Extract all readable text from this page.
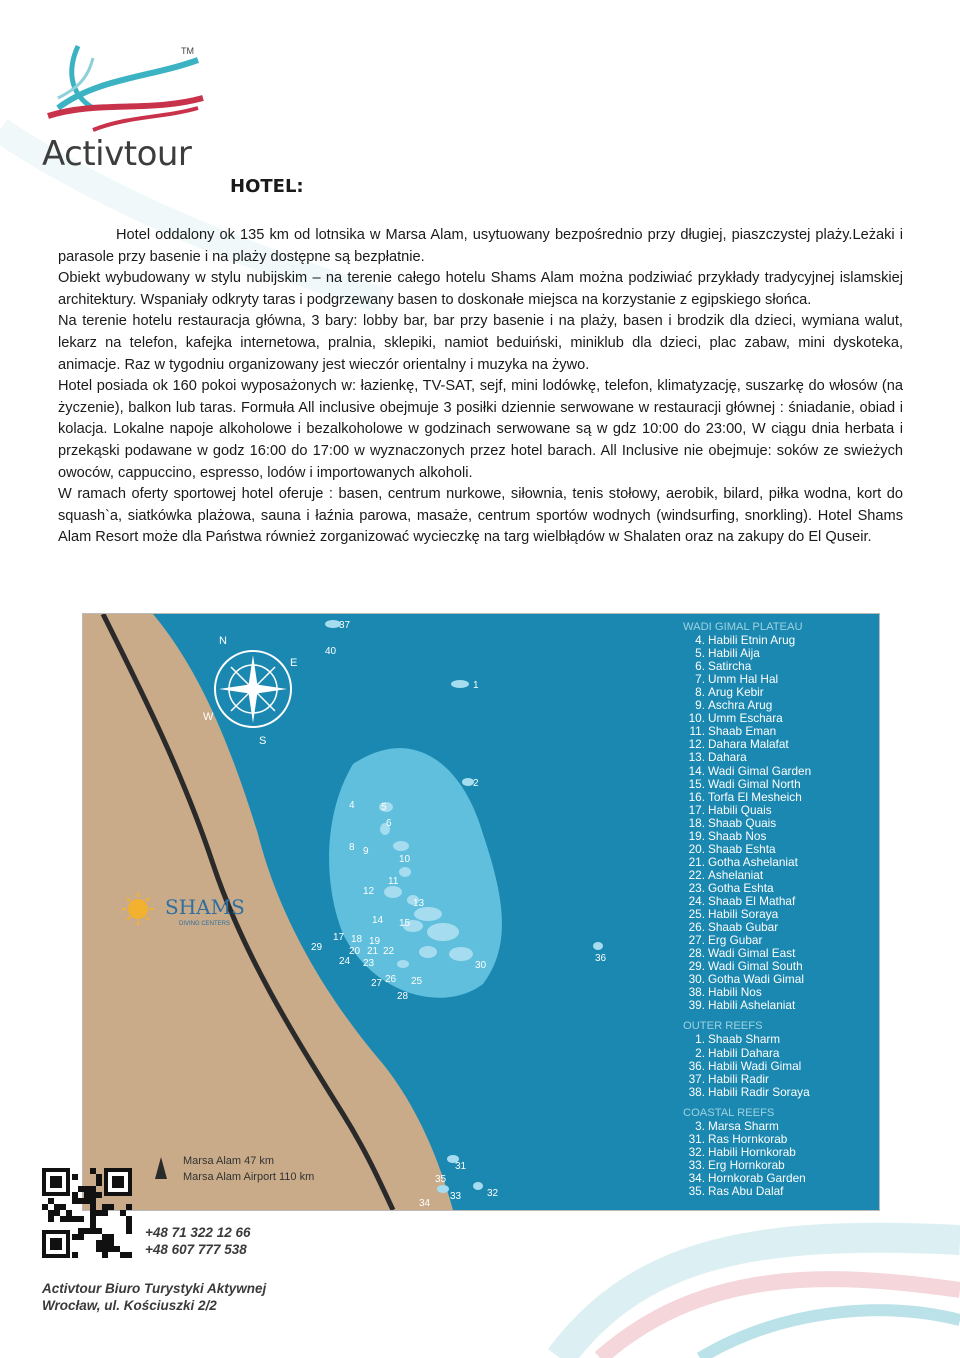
TM
Activtour
HOTEL:

Hotel oddalony ok 135 km od lotnsika w Marsa Alam, usytuowany bezpośrednio przy długiej, piaszczystej plaży.Leżaki i parasole przy basenie i na plaży dostępne są bezpłatnie.

Obiekt wybudowany w stylu nubijskim – na terenie całego hotelu Shams Alam można podziwiać przykłady tradycyjnej islamskiej architektury. Wspaniały odkryty taras i podgrzewany basen to doskonałe miejsca na korzystanie z egipskiego słońca.

Na terenie hotelu restauracja główna, 3 bary: lobby bar, bar przy basenie i na plaży, basen i brodzik dla dzieci, wymiana walut, lekarz na telefon, kafejka internetowa, pralnia, sklepiki, namiot beduiński, miniklub dla dzieci, plac zabaw, mini dyskoteka, animacje. Raz w tygodniu organizowany jest wieczór orientalny i muzyka na żywo.

Hotel posiada ok 160 pokoi wyposażonych w: łazienkę, TV-SAT, sejf, mini lodówkę, telefon, klimatyzację, suszarkę do włosów (na życzenie), balkon lub taras. Formuła All inclusive obejmuje 3 posiłki dziennie serwowane w restauracji głównej : śniadanie, obiad i kolacja. Lokalne napoje alkoholowe i bezalkoholowe w godzinach serwowane są w gdz 10:00 do 23:00, W ciągu dnia herbata i przekąski podawane w godz 16:00 do 17:00 w wyznaczonych przez hotel barach. All Inclusive nie obejmuje: soków ze swieżych owoców, cappuccino, espresso, lodów i importowanych alkoholi.

W ramach oferty sportowej hotel oferuje : basen, centrum nurkowe, siłownia, tenis stołowy, aerobik, bilard, piłka wodna, kort do squash`a, siatkówka plażowa, sauna i łaźnia parowa, masaże, centrum sportów wodnych (windsurfing, snorkling). Hotel Shams Alam Resort może dla Państwa również zorganizować wycieczkę na targ wielbłądów w Shalaten oraz na zakupy do El Quseir.

N
E
S
W
SHAMS
DIVING CENTERS
Marsa Alam 47 km
Marsa Alam Airport 110 km
37
40
1
2
4	5
6
8 9
10
11
12
13
14 15
17 18 19
20 21 22
23
24
25
26
27
28
29
36
30
31
32
33
34
35
WADI GIMAL PLATEAU
4. Habili Etnin Arug
5. Habili Aija
6. Satircha
7. Umm Hal Hal
8. Arug Kebir
9. Aschra Arug
10. Umm Eschara
11. Shaab Eman
12. Dahara Malafat
13. Dahara
14. Wadi Gimal Garden
15. Wadi Gimal North
16. Torfa El Mesheich
17. Habili Quais
18. Shaab Quais
19. Shaab Nos
20. Shaab Eshta
21. Gotha Ashelaniat
22. Ashelaniat
23. Gotha Eshta
24. Shaab El Mathaf
25. Habili Soraya
26. Shaab Gubar
27. Erg Gubar
28. Wadi Gimal East
29. Wadi Gimal South
30. Gotha Wadi Gimal
38. Habili Nos
39. Habili Ashelaniat
OUTER REEFS
1. Shaab Sharm
2. Habili Dahara
36. Habili Wadi Gimal
37. Habili Radir
38. Habili Radir Soraya
COASTAL REEFS
3. Marsa Sharm
31. Ras Hornkorab
32. Habili Hornkorab
33. Erg Hornkorab
34. Hornkorab Garden
35. Ras Abu Dalaf
+48 71 322 12 66
+48 607 777 538
Activtour Biuro Turystyki Aktywnej
Wrocław, ul. Kościuszki 2/2
